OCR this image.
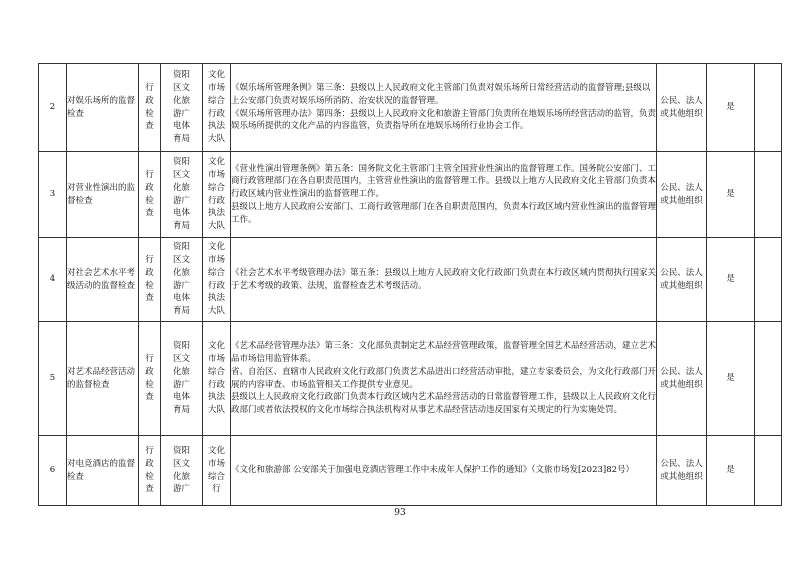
2	对娱乐场所的监督检查	行政检查	资阳区文化旅游广电体育局	文化市场综合行政执法大队	《娱乐场所管理条例》第三条：县级以上人民政府文化主管部门负责对娱乐场所日常经营活动的监督管理;县级以上公安部门负责对娱乐场所消防、治安状况的监督管理。

《娱乐场所管理办法》第四条：县级以上人民政府文化和旅游主管部门负责所在地娱乐场所经营活动的监管，负责娱乐场所提供的文化产品的内容监管，负责指导所在地娱乐场所行业协会工作。	公民、法人或其他组织	是	
3	对营业性演出的监督检查	行政检查	资阳区文化旅游广电体育局	文化市场综合行政执法大队	《营业性演出管理条例》第五条：国务院文化主管部门主管全国营业性演出的监督管理工作。国务院公安部门、工商行政管理部门在各自职责范围内，主管营业性演出的监督管理工作。县级以上地方人民政府文化主管部门负责本行政区域内营业性演出的监督管理工作。

县级以上地方人民政府公安部门、工商行政管理部门在各自职责范围内，负责本行政区域内营业性演出的监督管理工作。	公民、法人或其他组织	是	
4	对社会艺术水平考级活动的监督检查	行政检查	资阳区文化旅游广电体育局	文化市场综合行政执法大队	《社会艺术水平考级管理办法》第五条：县级以上地方人民政府文化行政部门负责在本行政区域内贯彻执行国家关于艺术考级的政策、法规，监督检查艺术考级活动。	公民、法人或其他组织	是	
5	对艺术品经营活动的监督检查	行政检查	资阳区文化旅游广电体育局	文化市场综合行政执法大队	《艺术品经营管理办法》第三条：文化部负责制定艺术品经营管理政策，监督管理全国艺术品经营活动，建立艺术品市场信用监管体系。

省、自治区、直辖市人民政府文化行政部门负责艺术品进出口经营活动审批，建立专家委员会，为文化行政部门开展的内容审查、市场监管相关工作提供专业意见。

县级以上人民政府文化行政部门负责本行政区域内艺术品经营活动的日常监督管理工作，县级以上人民政府文化行政部门或者依法授权的文化市场综合执法机构对从事艺术品经营活动违反国家有关规定的行为实施处罚。	公民、法人或其他组织	是	
6	对电竞酒店的监督检查	行政检查	资阳区文化旅游广	文化市场综合行	《文化和旅游部 公安部关于加强电竞酒店管理工作中未成年人保护工作的通知》（文旅市场发[2023]82号）	公民、法人或其他组织	是	
93
